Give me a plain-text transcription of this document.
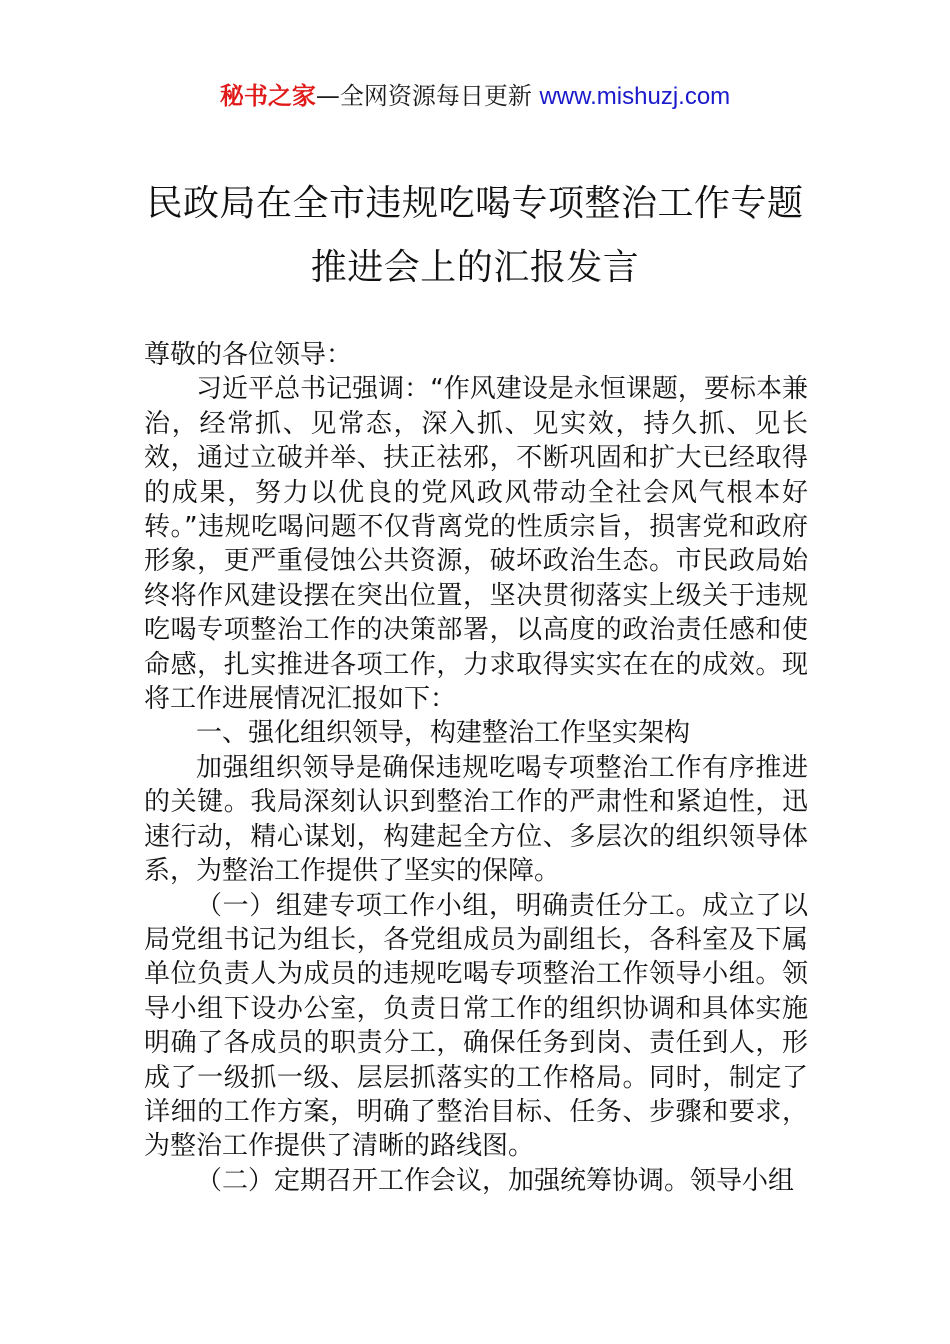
秘书之家—全网资源每日更新 www.mishuzj.com
民政局在全市违规吃喝专项整治工作专题
推进会上的汇报发言

尊敬的各位领导：

习近平总书记强调：“作风建设是永恒课题，要标本兼治，经常抓、见常态，深入抓、见实效，持久抓、见长效，通过立破并举、扶正祛邪，不断巩固和扩大已经取得的成果，努力以优良的党风政风带动全社会风气根本好转。”违规吃喝问题不仅背离党的性质宗旨，损害党和政府形象，更严重侵蚀公共资源，破坏政治生态。市民政局始终将作风建设摆在突出位置，坚决贯彻落实上级关于违规吃喝专项整治工作的决策部署，以高度的政治责任感和使命感，扎实推进各项工作，力求取得实实在在的成效。现将工作进展情况汇报如下：

一、强化组织领导，构建整治工作坚实架构

加强组织领导是确保违规吃喝专项整治工作有序推进的关键。我局深刻认识到整治工作的严肃性和紧迫性，迅速行动，精心谋划，构建起全方位、多层次的组织领导体系，为整治工作提供了坚实的保障。

（一）组建专项工作小组，明确责任分工。成立了以局党组书记为组长，各党组成员为副组长，各科室及下属单位负责人为成员的违规吃喝专项整治工作领导小组。领导小组下设办公室，负责日常工作的组织协调和具体实施明确了各成员的职责分工，确保任务到岗、责任到人，形成了一级抓一级、层层抓落实的工作格局。同时，制定了详细的工作方案，明确了整治目标、任务、步骤和要求，为整治工作提供了清晰的路线图。

（二）定期召开工作会议，加强统筹协调。领导小组
